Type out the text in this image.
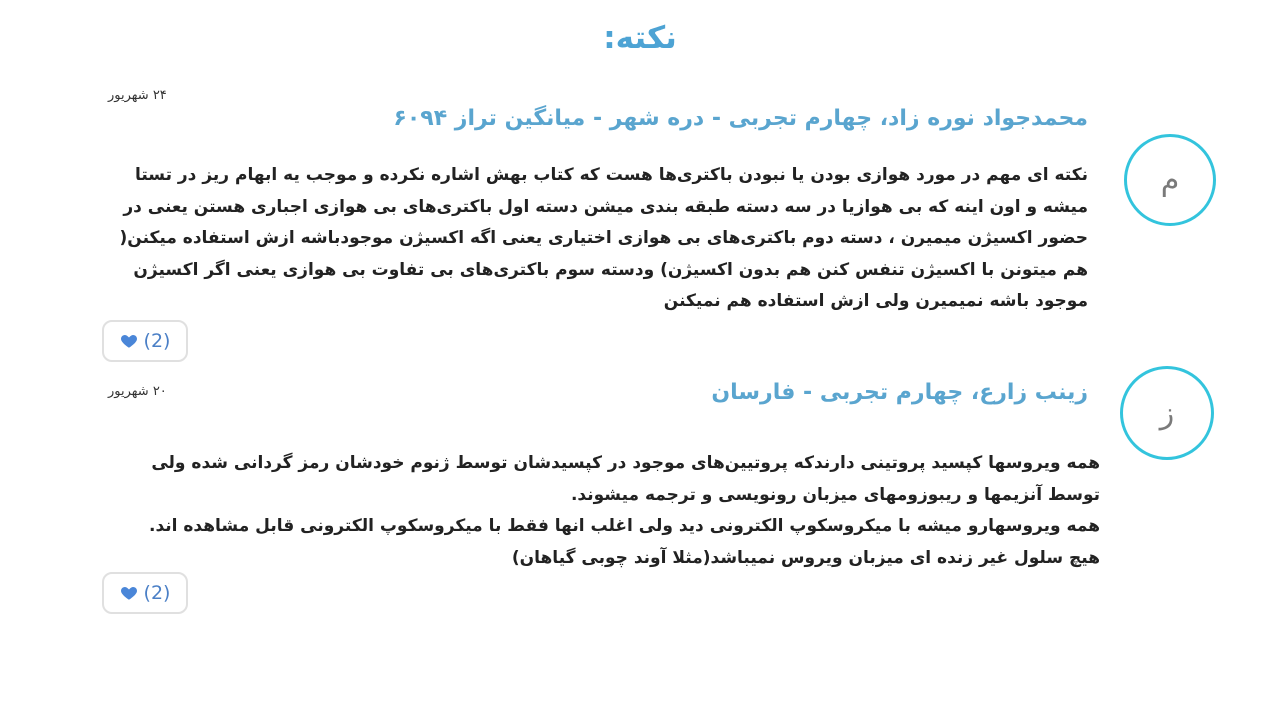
نکته:
م
۲۴ شهریور
محمدجواد نوره زاد، چهارم تجربی - دره شهر - میانگین تراز ۶۰۹۴

نکته ای مهم در مورد هوازی بودن یا نبودن باکتری‌ها هست که کتاب بهش اشاره نکرده و موجب یه ابهام ریز در تستا میشه و اون اینه که بی هوازیا در سه دسته طبقه بندی میشن دسته اول باکتری‌های بی هوازی اجباری هستن یعنی در حضور اکسیژن میمیرن ، دسته دوم باکتری‌های بی هوازی اختیاری یعنی اگه اکسیژن موجودباشه ازش استفاده میکنن( هم میتونن با اکسیژن تنفس کنن هم بدون اکسیژن) ودسته سوم باکتری‌های بی تفاوت بی هوازی یعنی اگر اکسیژن موجود باشه نمیمیرن ولی ازش استفاده هم نمیکنن

(2)
ز
۲۰ شهریور	زینب زارع، چهارم تجربی - فارسان

همه ویروسها کپسید پروتینی دارندکه پروتیین‌های موجود در کپسیدشان توسط ژنوم خودشان رمز گردانی شده ولی توسط آنزیمها و ریبوزومهای میزبان رونویسی و ترجمه میشوند.

همه ویروسهارو میشه با میکروسکوپ الکترونی دید ولی اغلب انها فقط با میکروسکوپ الکترونی قابل مشاهده اند.

هیچ سلول غیر زنده ای میزبان ویروس نمیباشد(مثلا آوند چوبی گیاهان)

(2)
